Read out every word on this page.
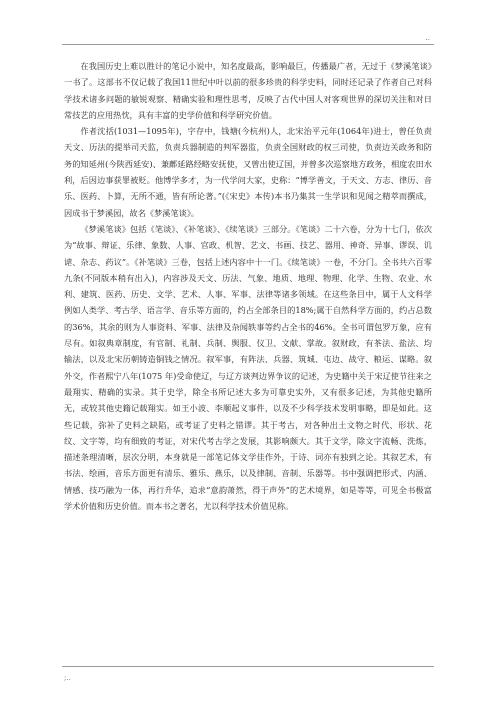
..

在我国历史上难以胜计的笔记小说中，知名度最高，影响最巨，传播最广者，无过于《梦溪笔谈》一书了。这部书不仅记载了我国11世纪中叶以前的很多珍贵的科学史料，同时还记录了作者自己对科学技术诸多问题的敏锐观察、精确实验和理性思考，反映了古代中国人对客观世界的深切关注和对日常技艺的应用热忱，具有丰富的史学价值和科学研究价值。

作者沈括(1031—1095年)，字存中，钱塘(今杭州)人，北宋治平元年(1064年)进士，曾任负责天文、历法的提举司天监，负责兵器制造的判军器监，负责全国财政的权三司使，负责边关政务和防务的知延州(今陕西延安)、兼鄜延路经略安抚使，又曾出使辽国，并曾多次巡察地方政务，相度农田水利，后因边事获罪被贬。他博学多才，为一代学问大家，史称：“博学善文，于天文、方志、律历、音乐、医药、卜算，无所不通，皆有所论著。”(《宋史》本传)本书乃集其一生学识和见闻之精萃而撰成，因成书于梦溪园，故名《梦溪笔谈》。

《梦溪笔谈》包括《笔谈》、《补笔谈》、《续笔谈》三部分。《笔谈》二十六卷，分为十七门，依次为“故事、辩证、乐律、象数、人事、官政、机智、艺文、书画、技艺、器用、神奇、异事、谬误、讥谑、杂志、药议”。《补笔谈》三卷，包括上述内容中十一门。《续笔谈》一卷，不分门。全书共六百零九条(不同版本稍有出入)，内容涉及天文、历法、气象、地质、地理、物理、化学、生物、农业、水利、建筑、医药、历史、文学、艺术、人事、军事、法律等诸多领域。在这些条目中，属于人文科学例如人类学、考古学、语言学、音乐等方面的，约占全部条目的18%;属于自然科学方面的，约占总数的36%，其余的则为人事资料、军事、法律及杂闻轶事等约占全书的46%。全书可谓包罗万象，应有尽有。如叙典章制度，有官制、礼制、兵制、舆服、仪卫、文献、掌故。叙财政，有茶法、盐法、均输法，以及北宋历朝铸造铜钱之情况。叙军事，有阵法、兵器、筑城、屯边、战守、粮运、谋略。叙外交，作者熙宁八年(1075 年)受命使辽，与辽方谈判边界争议的记述，为史籍中关于宋辽使节往来之最翔实、精确的实录。其于史学，除全书所记述大多为可靠史实外，又有很多记述，为其他史籍所无，或较其他史籍记载翔实。如王小波、李顺起义事件，以及不少科学技术发明事略，即是如此。这些记载，弥补了史料之缺陷，或考证了史料之错谬。其于考古，对各种出土文物之时代、形状、花纹、文字等，均有细致的考证，对宋代考古学之发展，其影响颇大。其于文学，除文字流畅、洗炼，描述条理清晰，层次分明，本身就是一部笔记体文学佳作外，于诗、词亦有独到之论。其叙艺术，有书法、绘画，音乐方面更有清乐、雅乐、燕乐，以及律制、音制、乐器等。书中强调把形式、内涵、情感、技巧融为一体，再行升华，追求“意韵萧然，得于声外”的艺术境界，如是等等，可见全书极富学术价值和历史价值。而本书之著名，尤以科学技术价值见称。

;..
